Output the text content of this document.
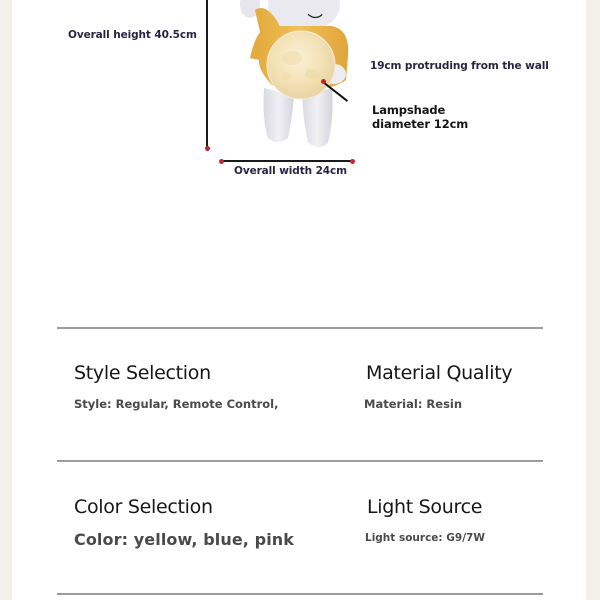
Overall height 40.5cm
Overall width 24cm
19cm protruding from the wall
Lampshade
diameter 12cm
Style Selection
Style: Regular, Remote Control,
Material Quality
Material: Resin
Color Selection
Color: yellow, blue, pink
Light Source
Light source: G9/7W
